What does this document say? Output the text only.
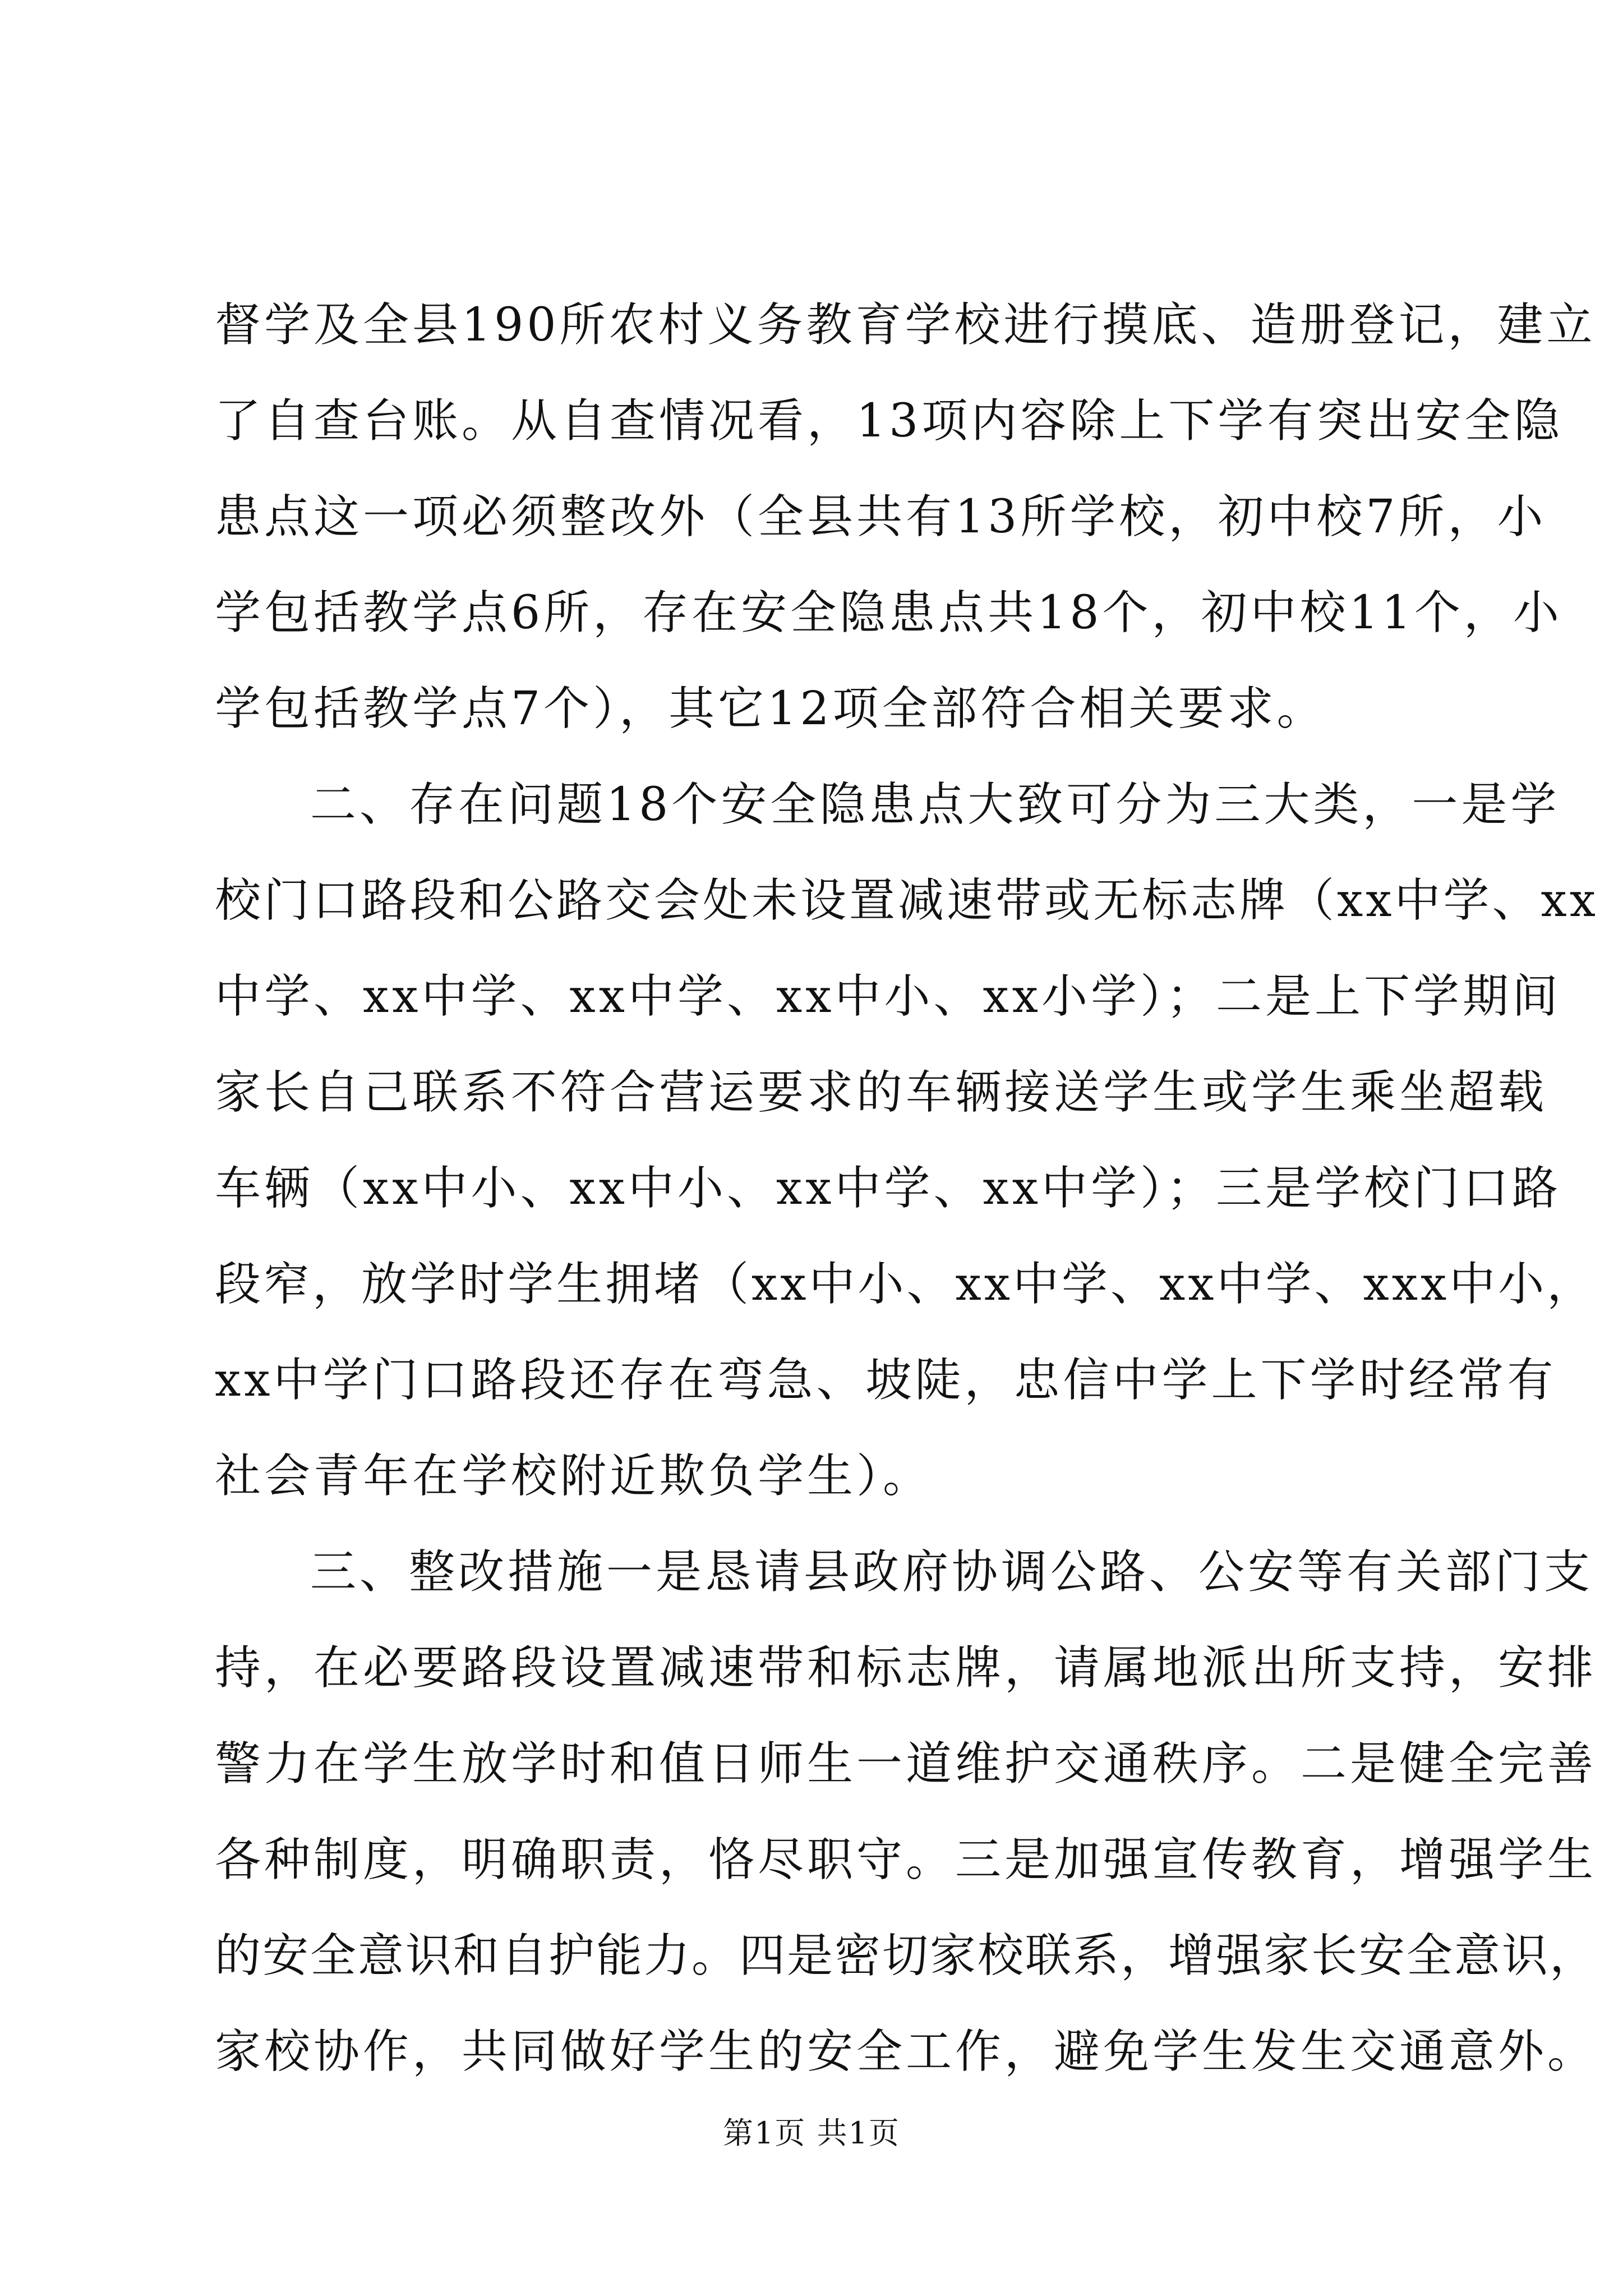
督学及全县190所农村义务教育学校进行摸底、造册登记，建立
了自查台账。从自查情况看，13项内容除上下学有突出安全隐
患点这一项必须整改外（全县共有13所学校，初中校7所，小
学包括教学点6所，存在安全隐患点共18个，初中校11个，小
学包括教学点7个），其它12项全部符合相关要求。
二、存在问题18个安全隐患点大致可分为三大类，一是学
校门口路段和公路交会处未设置减速带或无标志牌（xx中学、xx
中学、xx中学、xx中学、xx中小、xx小学）；二是上下学期间
家长自己联系不符合营运要求的车辆接送学生或学生乘坐超载
车辆（xx中小、xx中小、xx中学、xx中学）；三是学校门口路
段窄，放学时学生拥堵（xx中小、xx中学、xx中学、xxx中小，
xx中学门口路段还存在弯急、坡陡，忠信中学上下学时经常有
社会青年在学校附近欺负学生）。
三、整改措施一是恳请县政府协调公路、公安等有关部门支
持，在必要路段设置减速带和标志牌，请属地派出所支持，安排
警力在学生放学时和值日师生一道维护交通秩序。二是健全完善
各种制度，明确职责，恪尽职守。三是加强宣传教育，增强学生
的安全意识和自护能力。四是密切家校联系，增强家长安全意识，
家校协作，共同做好学生的安全工作，避免学生发生交通意外。
第1页 共1页
